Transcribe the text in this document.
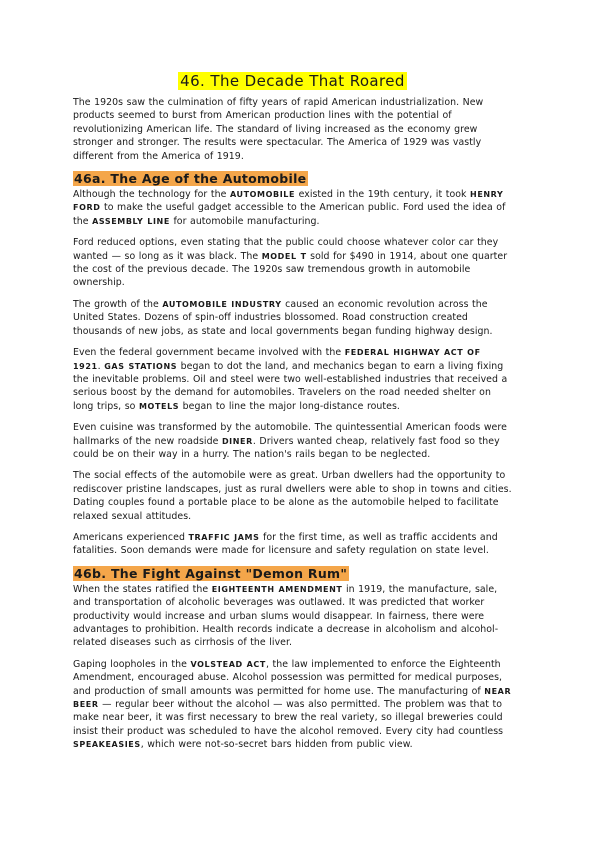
46. The Decade That Roared

The 1920s saw the culmination of fifty years of rapid American industrialization. New products seemed to burst from American production lines with the potential of revolutionizing American life. The standard of living increased as the economy grew stronger and stronger. The results were spectacular. The America of 1929 was vastly different from the America of 1919.

46a. The Age of the Automobile

Although the technology for the AUTOMOBILE existed in the 19th century, it took HENRY FORD to make the useful gadget accessible to the American public. Ford used the idea of the ASSEMBLY LINE for automobile manufacturing.

Ford reduced options, even stating that the public could choose whatever color car they wanted — so long as it was black. The MODEL T sold for $490 in 1914, about one quarter the cost of the previous decade. The 1920s saw tremendous growth in automobile ownership.

The growth of the AUTOMOBILE INDUSTRY caused an economic revolution across the United States. Dozens of spin-off industries blossomed. Road construction created thousands of new jobs, as state and local governments began funding highway design.

Even the federal government became involved with the FEDERAL HIGHWAY ACT OF 1921. GAS STATIONS began to dot the land, and mechanics began to earn a living fixing the inevitable problems. Oil and steel were two well-established industries that received a serious boost by the demand for automobiles. Travelers on the road needed shelter on long trips, so MOTELS began to line the major long-distance routes.

Even cuisine was transformed by the automobile. The quintessential American foods were hallmarks of the new roadside DINER. Drivers wanted cheap, relatively fast food so they could be on their way in a hurry. The nation's rails began to be neglected.

The social effects of the automobile were as great. Urban dwellers had the opportunity to rediscover pristine landscapes, just as rural dwellers were able to shop in towns and cities. Dating couples found a portable place to be alone as the automobile helped to facilitate relaxed sexual attitudes.

Americans experienced TRAFFIC JAMS for the first time, as well as traffic accidents and fatalities. Soon demands were made for licensure and safety regulation on state level.

46b. The Fight Against "Demon Rum"

When the states ratified the EIGHTEENTH AMENDMENT in 1919, the manufacture, sale, and transportation of alcoholic beverages was outlawed. It was predicted that worker productivity would increase and urban slums would disappear. In fairness, there were advantages to prohibition. Health records indicate a decrease in alcoholism and alcohol-related diseases such as cirrhosis of the liver.

Gaping loopholes in the VOLSTEAD ACT, the law implemented to enforce the Eighteenth Amendment, encouraged abuse. Alcohol possession was permitted for medical purposes, and production of small amounts was permitted for home use. The manufacturing of NEAR BEER — regular beer without the alcohol — was also permitted. The problem was that to make near beer, it was first necessary to brew the real variety, so illegal breweries could insist their product was scheduled to have the alcohol removed. Every city had countless SPEAKEASIES, which were not-so-secret bars hidden from public view.
